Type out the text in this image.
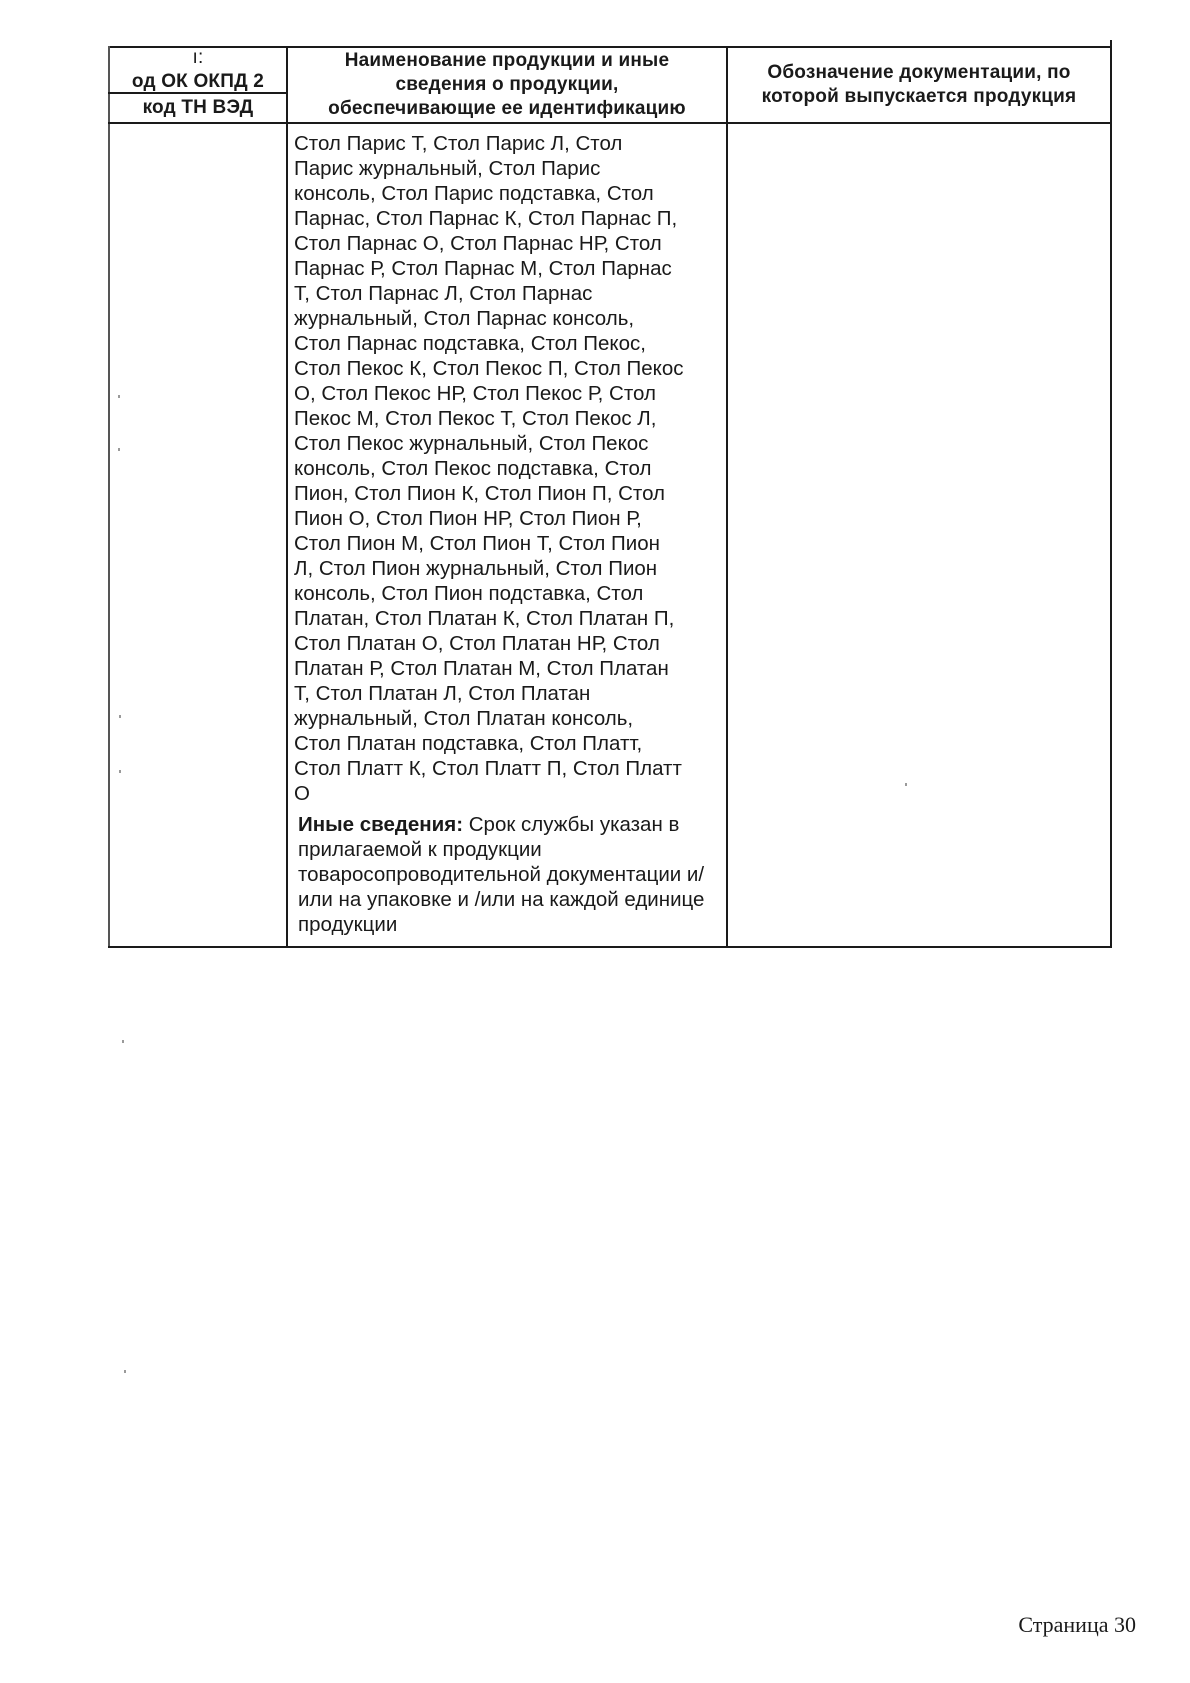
ı:
од ОК ОКПД 2
код ТН ВЭД
Наименование продукции и иные
сведения о продукции,
обеспечивающие ее идентификацию
Обозначение документации, по
которой выпускается продукция
Стол Парис Т, Стол Парис Л, Стол
Парис журнальный, Стол Парис
консоль, Стол Парис подставка, Стол
Парнас, Стол Парнас К, Стол Парнас П,
Стол Парнас О, Стол Парнас НР, Стол
Парнас Р, Стол Парнас М, Стол Парнас
Т, Стол Парнас Л, Стол Парнас
журнальный, Стол Парнас консоль,
Стол Парнас подставка, Стол Пекос,
Стол Пекос К, Стол Пекос П, Стол Пекос
О, Стол Пекос НР, Стол Пекос Р, Стол
Пекос М, Стол Пекос Т, Стол Пекос Л,
Стол Пекос журнальный, Стол Пекос
консоль, Стол Пекос подставка, Стол
Пион, Стол Пион К, Стол Пион П, Стол
Пион О, Стол Пион НР, Стол Пион Р,
Стол Пион М, Стол Пион Т, Стол Пион
Л, Стол Пион журнальный, Стол Пион
консоль, Стол Пион подставка, Стол
Платан, Стол Платан К, Стол Платан П,
Стол Платан О, Стол Платан НР, Стол
Платан Р, Стол Платан М, Стол Платан
Т, Стол Платан Л, Стол Платан
журнальный, Стол Платан консоль,
Стол Платан подставка, Стол Платт,
Стол Платт К, Стол Платт П, Стол Платт
О
Иные сведения: Срок службы указан в прилагаемой к продукции товаросопроводительной документации и/или на упаковке и /или на каждой единице продукции
Страница 30
